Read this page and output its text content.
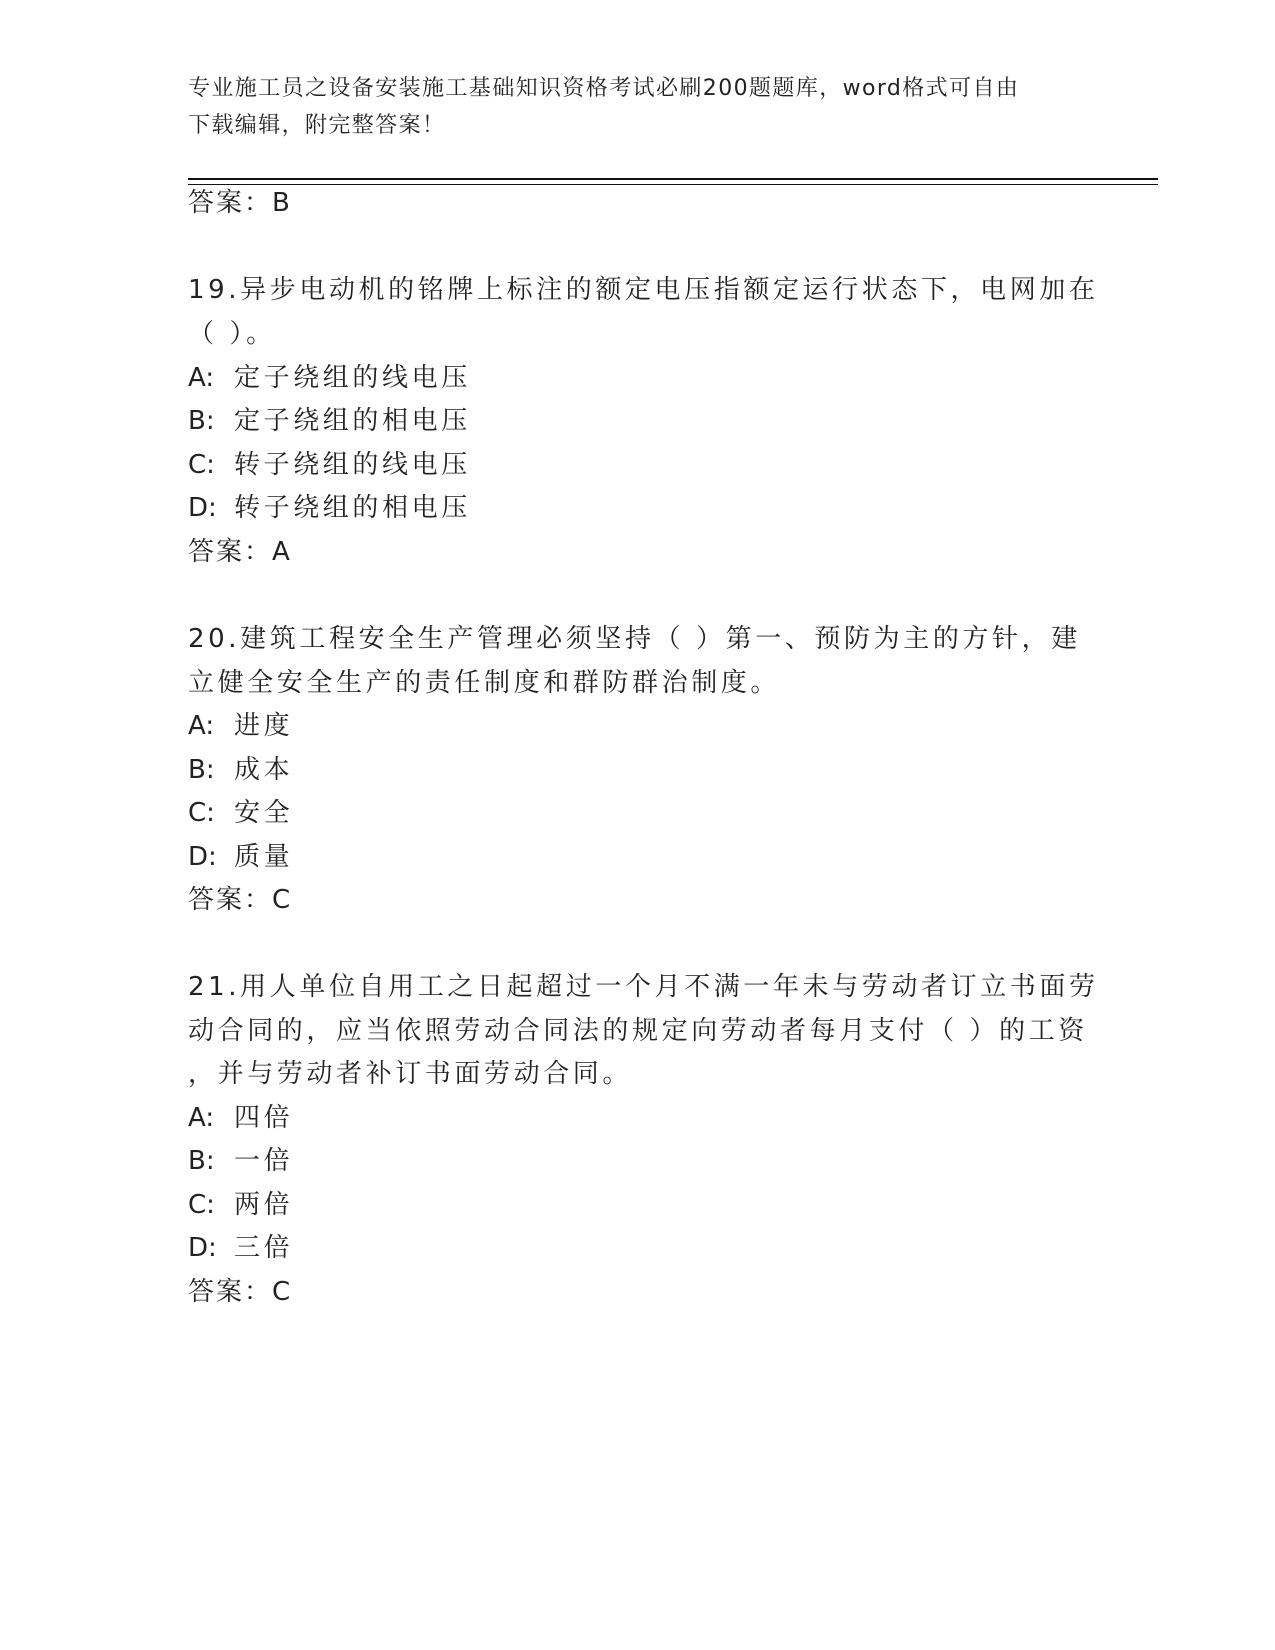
专业施工员之设备安装施工基础知识资格考试必刷200题题库，word格式可自由
下载编辑，附完整答案！
答案：B
19.异步电动机的铭牌上标注的额定电压指额定运行状态下，电网加在
（ ）。
A: 定子绕组的线电压
B: 定子绕组的相电压
C: 转子绕组的线电压
D: 转子绕组的相电压
答案：A
20.建筑工程安全生产管理必须坚持（ ）第一、预防为主的方针，建
立健全安全生产的责任制度和群防群治制度。
A: 进度
B: 成本
C: 安全
D: 质量
答案：C
21.用人单位自用工之日起超过一个月不满一年未与劳动者订立书面劳
动合同的，应当依照劳动合同法的规定向劳动者每月支付（ ）的工资
，并与劳动者补订书面劳动合同。
A: 四倍
B: 一倍
C: 两倍
D: 三倍
答案：C
